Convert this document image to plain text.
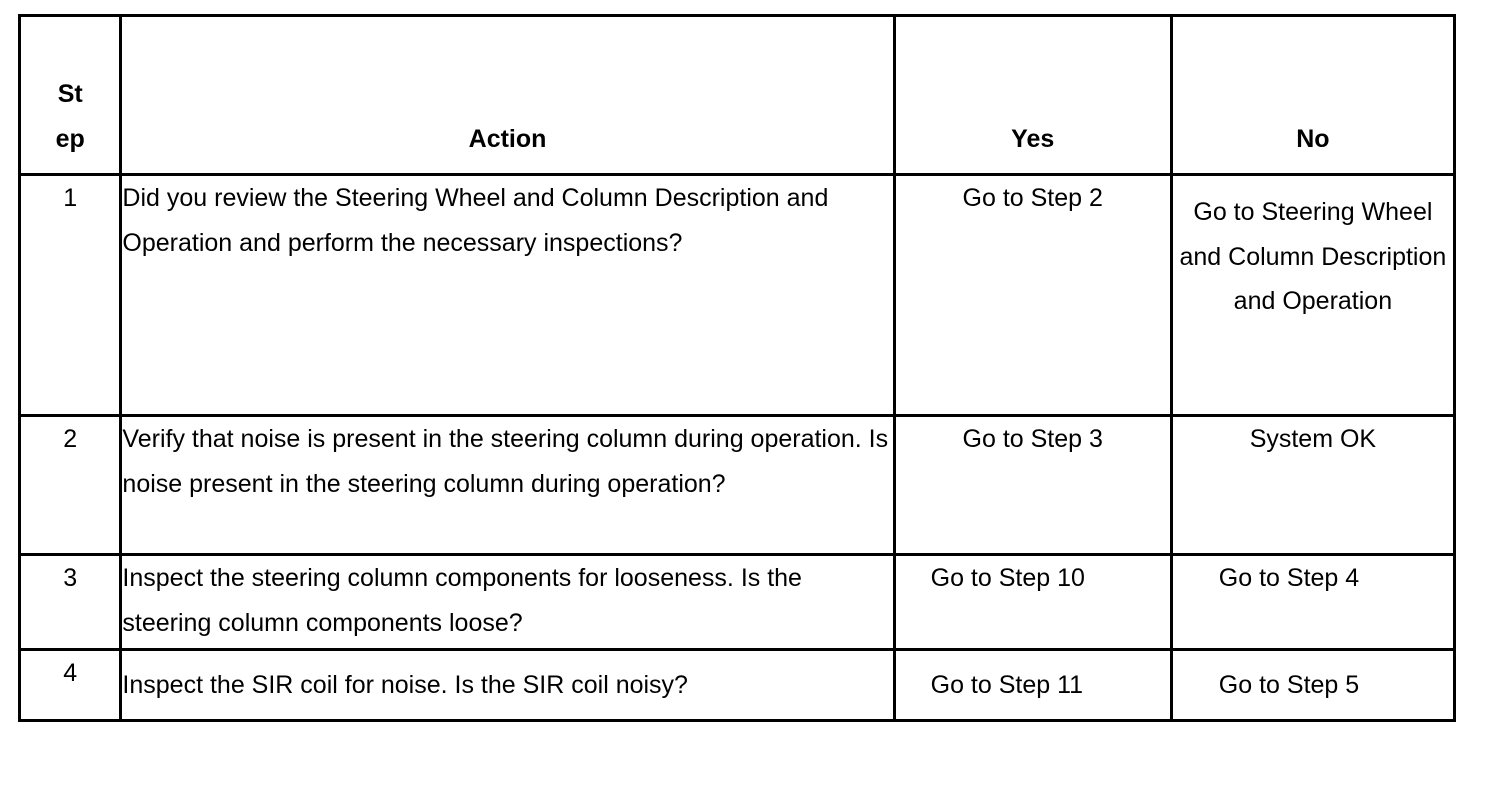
St
ep	Action	Yes	No
1	Did you review the Steering Wheel and Column Description and Operation and perform the necessary inspections?	Go to Step 2	Go to Steering Wheel and Column Description and Operation
2	Verify that noise is present in the steering column during operation. Is noise present in the steering column during operation?	Go to Step 3	System OK
3	Inspect the steering column components for looseness. Is the steering column components loose?	Go to Step 10	Go to Step 4
4	Inspect the SIR coil for noise. Is the SIR coil noisy?	Go to Step 11	Go to Step 5
